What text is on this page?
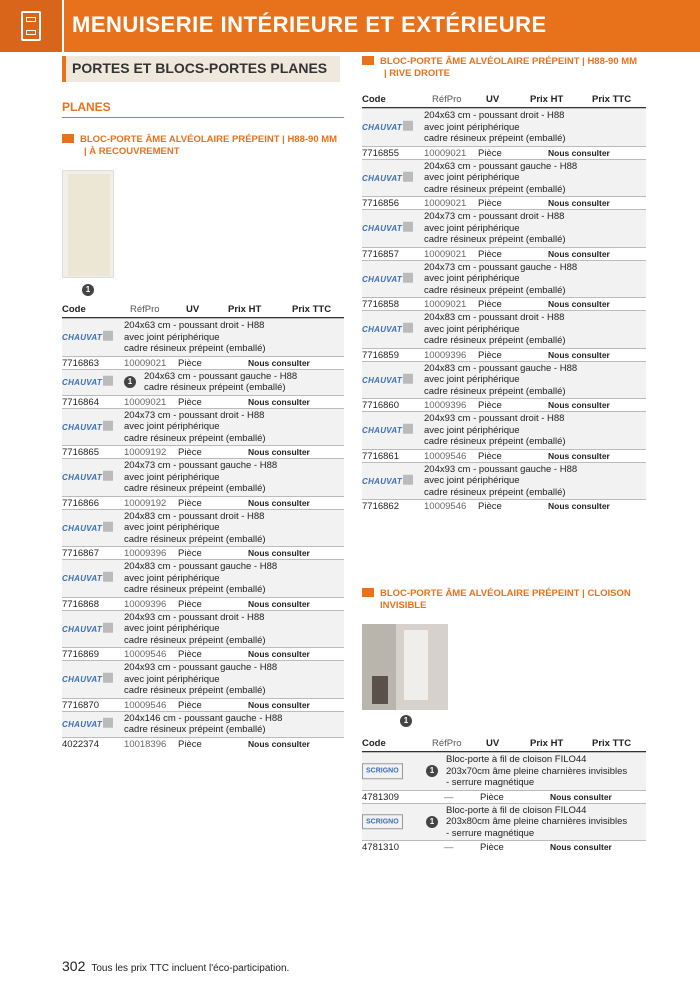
MENUISERIE INTÉRIEURE ET EXTÉRIEURE
PORTES ET BLOCS-PORTES PLANES
PLANES
BLOC-PORTE ÂME ALVÉOLAIRE PRÉPEINT | H88-90 MM
| À RECOUVREMENT
1
Code	RéfPro	UV	Prix HT	Prix TTC
CHAUVAT
204x63 cm - poussant droit - H88
avec joint périphérique
cadre résineux prépeint (emballé)
7716863	10009021 Pièce	Nous consulter
CHAUVAT	1	204x63 cm - poussant gauche - H88
cadre résineux prépeint (emballé)
7716864	10009021 Pièce	Nous consulter
CHAUVAT
204x73 cm - poussant droit - H88
avec joint périphérique
cadre résineux prépeint (emballé)
7716865	10009192 Pièce	Nous consulter
CHAUVAT
204x73 cm - poussant gauche - H88
avec joint périphérique
cadre résineux prépeint (emballé)
7716866	10009192 Pièce	Nous consulter
CHAUVAT
204x83 cm - poussant droit - H88
avec joint périphérique
cadre résineux prépeint (emballé)
7716867	10009396 Pièce	Nous consulter
CHAUVAT
204x83 cm - poussant gauche - H88
avec joint périphérique
cadre résineux prépeint (emballé)
7716868	10009396 Pièce	Nous consulter
CHAUVAT
204x93 cm - poussant droit - H88
avec joint périphérique
cadre résineux prépeint (emballé)
7716869	10009546 Pièce	Nous consulter
CHAUVAT
204x93 cm - poussant gauche - H88
avec joint périphérique
cadre résineux prépeint (emballé)
7716870	10009546 Pièce	Nous consulter
CHAUVAT
204x146 cm - poussant gauche - H88
cadre résineux prépeint (emballé)
4022374	10018396 Pièce	Nous consulter
BLOC-PORTE ÂME ALVÉOLAIRE PRÉPEINT | H88-90 MM
| RIVE DROITE
Code	RéfPro	UV	Prix HT	Prix TTC
CHAUVAT
204x63 cm - poussant droit - H88
avec joint périphérique
cadre résineux prépeint (emballé)
7716855	10009021 Pièce	Nous consulter
CHAUVAT
204x63 cm - poussant gauche - H88
avec joint périphérique
cadre résineux prépeint (emballé)
7716856	10009021 Pièce	Nous consulter
CHAUVAT
204x73 cm - poussant droit - H88
avec joint périphérique
cadre résineux prépeint (emballé)
7716857	10009021 Pièce	Nous consulter
CHAUVAT
204x73 cm - poussant gauche - H88
avec joint périphérique
cadre résineux prépeint (emballé)
7716858	10009021 Pièce	Nous consulter
CHAUVAT
204x83 cm - poussant droit - H88
avec joint périphérique
cadre résineux prépeint (emballé)
7716859	10009396 Pièce	Nous consulter
CHAUVAT
204x83 cm - poussant gauche - H88
avec joint périphérique
cadre résineux prépeint (emballé)
7716860	10009396 Pièce	Nous consulter
CHAUVAT
204x93 cm - poussant droit - H88
avec joint périphérique
cadre résineux prépeint (emballé)
7716861	10009546 Pièce	Nous consulter
CHAUVAT
204x93 cm - poussant gauche - H88
avec joint périphérique
cadre résineux prépeint (emballé)
7716862	10009546 Pièce	Nous consulter
BLOC-PORTE ÂME ALVÉOLAIRE PRÉPEINT | CLOISON
INVISIBLE
1
Code	RéfPro	UV	Prix HT	Prix TTC
SCRIGNO	1
Bloc-porte à fil de cloison FILO44
203x70cm âme pleine charnières invisibles
- serrure magnétique
4781309	—	Pièce	Nous consulter
SCRIGNO	1
Bloc-porte à fil de cloison FILO44
203x80cm âme pleine charnières invisibles
- serrure magnétique
4781310	—	Pièce	Nous consulter
302 Tous les prix TTC incluent l'éco-participation.
